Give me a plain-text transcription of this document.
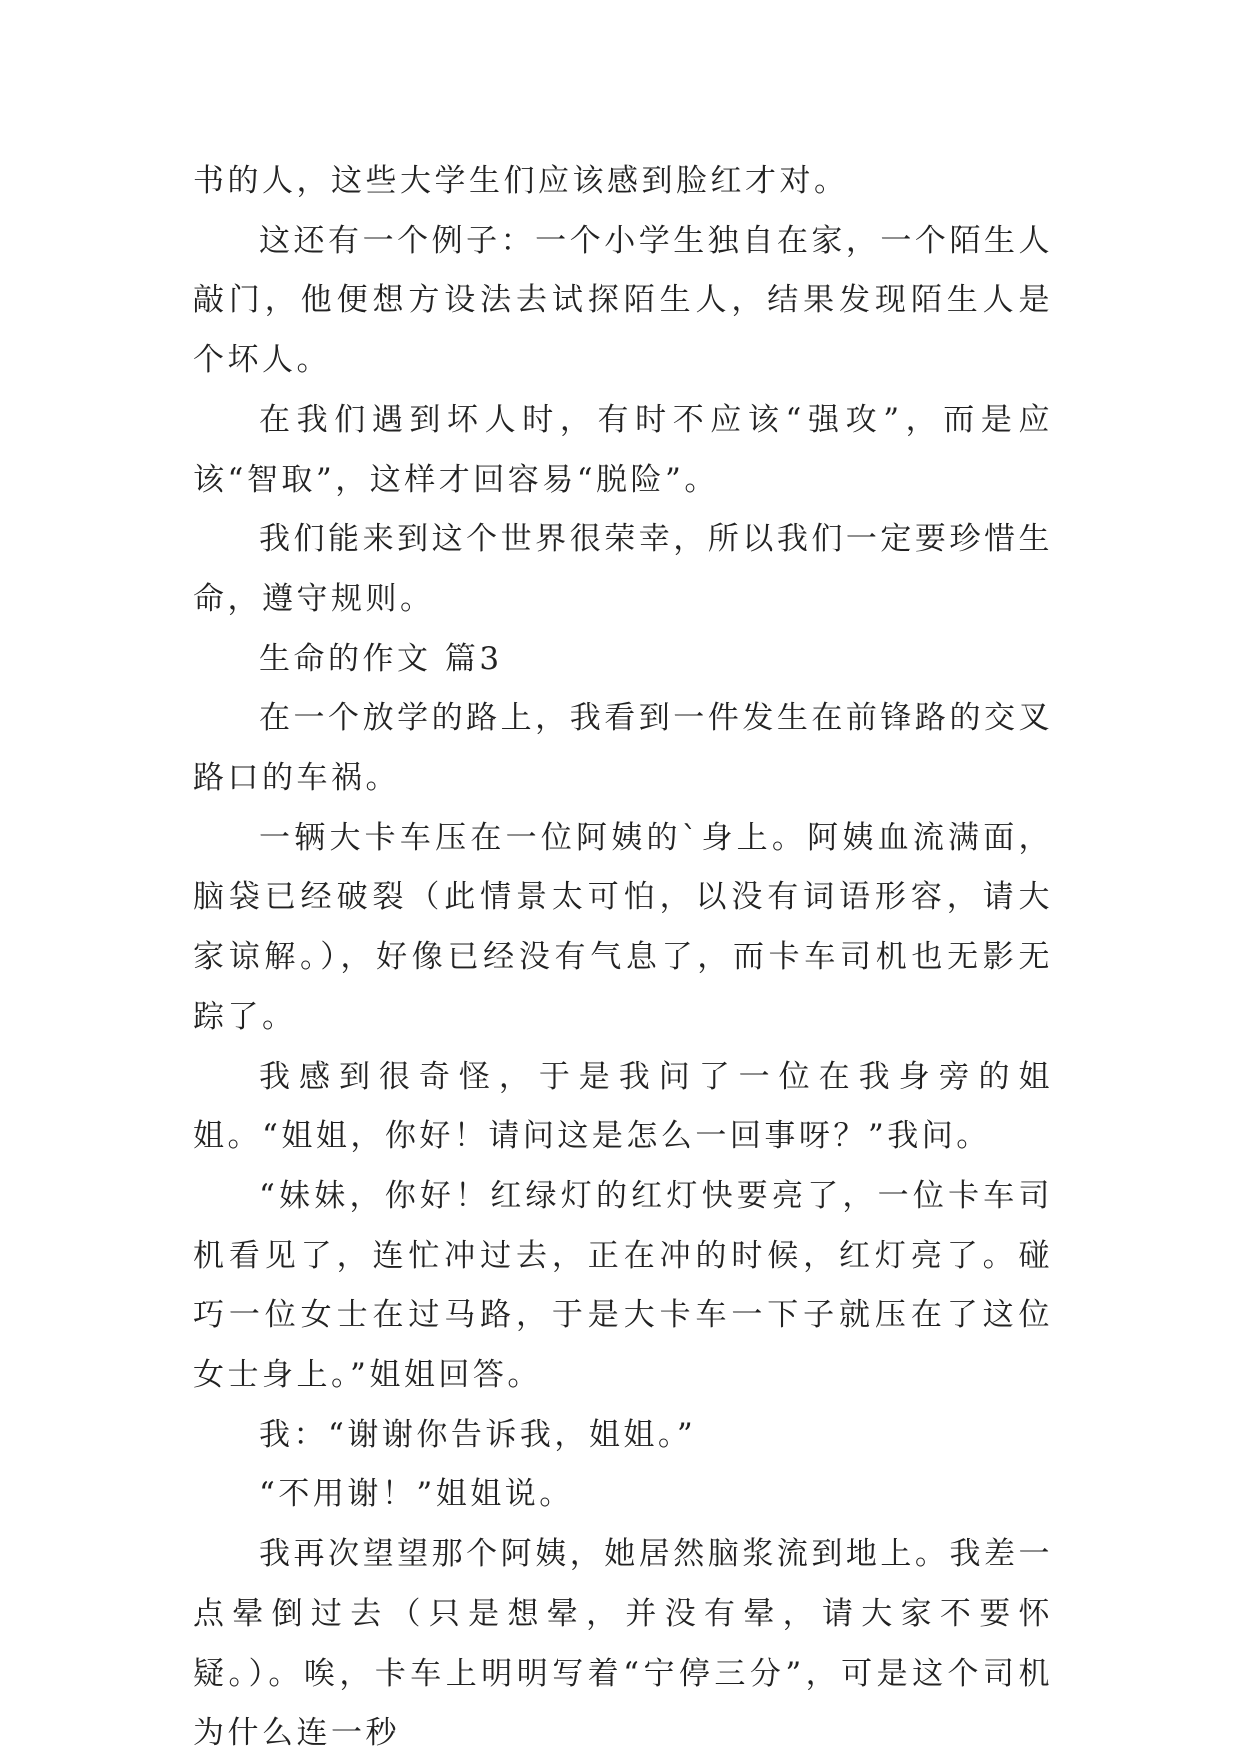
书的人，这些大学生们应该感到脸红才对。

这还有一个例子：一个小学生独自在家，一个陌生人敲门，他便想方设法去试探陌生人，结果发现陌生人是个坏人。

在我们遇到坏人时，有时不应该“强攻”，而是应该“智取”，这样才回容易“脱险”。

我们能来到这个世界很荣幸，所以我们一定要珍惜生命，遵守规则。

生命的作文 篇3

在一个放学的路上，我看到一件发生在前锋路的交叉路口的车祸。

一辆大卡车压在一位阿姨的`身上。阿姨血流满面，脑袋已经破裂（此情景太可怕，以没有词语形容，请大家谅解。），好像已经没有气息了，而卡车司机也无影无踪了。

我感到很奇怪，于是我问了一位在我身旁的姐姐。“姐姐，你好！请问这是怎么一回事呀？”我问。

“妹妹，你好！红绿灯的红灯快要亮了，一位卡车司机看见了，连忙冲过去，正在冲的时候，红灯亮了。碰巧一位女士在过马路，于是大卡车一下子就压在了这位女士身上。”姐姐回答。

我：“谢谢你告诉我，姐姐。”

“不用谢！”姐姐说。

我再次望望那个阿姨，她居然脑浆流到地上。我差一点晕倒过去（只是想晕，并没有晕，请大家不要怀疑。）。唉，卡车上明明写着“宁停三分”，可是这个司机为什么连一秒
